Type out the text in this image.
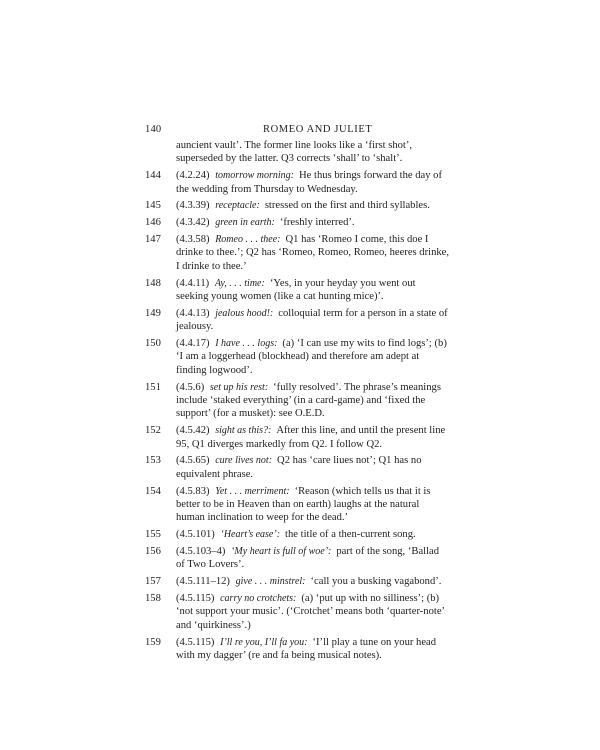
140	ROMEO AND JULIET
auncient vault’. The former line looks like a ‘first shot’, superseded by the latter. Q3 corrects ‘shall’ to ‘shalt’.
144	(4.2.24) tomorrow morning: He thus brings forward the day of the wedding from Thursday to Wednesday.
145	(4.3.39) receptacle: stressed on the first and third syllables.
146	(4.3.42) green in earth: ‘freshly interred’.
147	(4.3.58) Romeo . . . thee: Q1 has ‘Romeo I come, this doe I drinke to thee.’; Q2 has ‘Romeo, Romeo, Romeo, heeres drinke, I drinke to thee.’
148	(4.4.11) Ay, . . . time: ‘Yes, in your heyday you went out seeking young women (like a cat hunting mice)’.
149	(4.4.13) jealous hood!: colloquial term for a person in a state of jealousy.
150	(4.4.17) I have . . . logs: (a) ‘I can use my wits to find logs’; (b) ‘I am a loggerhead (blockhead) and therefore am adept at finding logwood’.
151	(4.5.6) set up his rest: ‘fully resolved’. The phrase’s meanings include ‘staked everything’ (in a card-game) and ‘fixed the support’ (for a musket): see O.E.D.
152	(4.5.42) sight as this?: After this line, and until the present line 95, Q1 diverges markedly from Q2. I follow Q2.
153	(4.5.65) cure lives not: Q2 has ‘care liues not’; Q1 has no equivalent phrase.
154	(4.5.83) Yet . . . merriment: ‘Reason (which tells us that it is better to be in Heaven than on earth) laughs at the natural human inclination to weep for the dead.’
155	(4.5.101) ‘Heart’s ease’: the title of a then-current song.
156	(4.5.103–4) ‘My heart is full of woe’: part of the song, ‘Ballad of Two Lovers’.
157	(4.5.111–12) give . . . minstrel: ‘call you a busking vagabond’.
158	(4.5.115) carry no crotchets: (a) ‘put up with no silliness’; (b) ‘not support your music’. (‘Crotchet’ means both ‘quarter-note’ and ‘quirkiness’.)
159	(4.5.115) I’ll re you, I’ll fa you: ‘I’ll play a tune on your head with my dagger’ (re and fa being musical notes).
